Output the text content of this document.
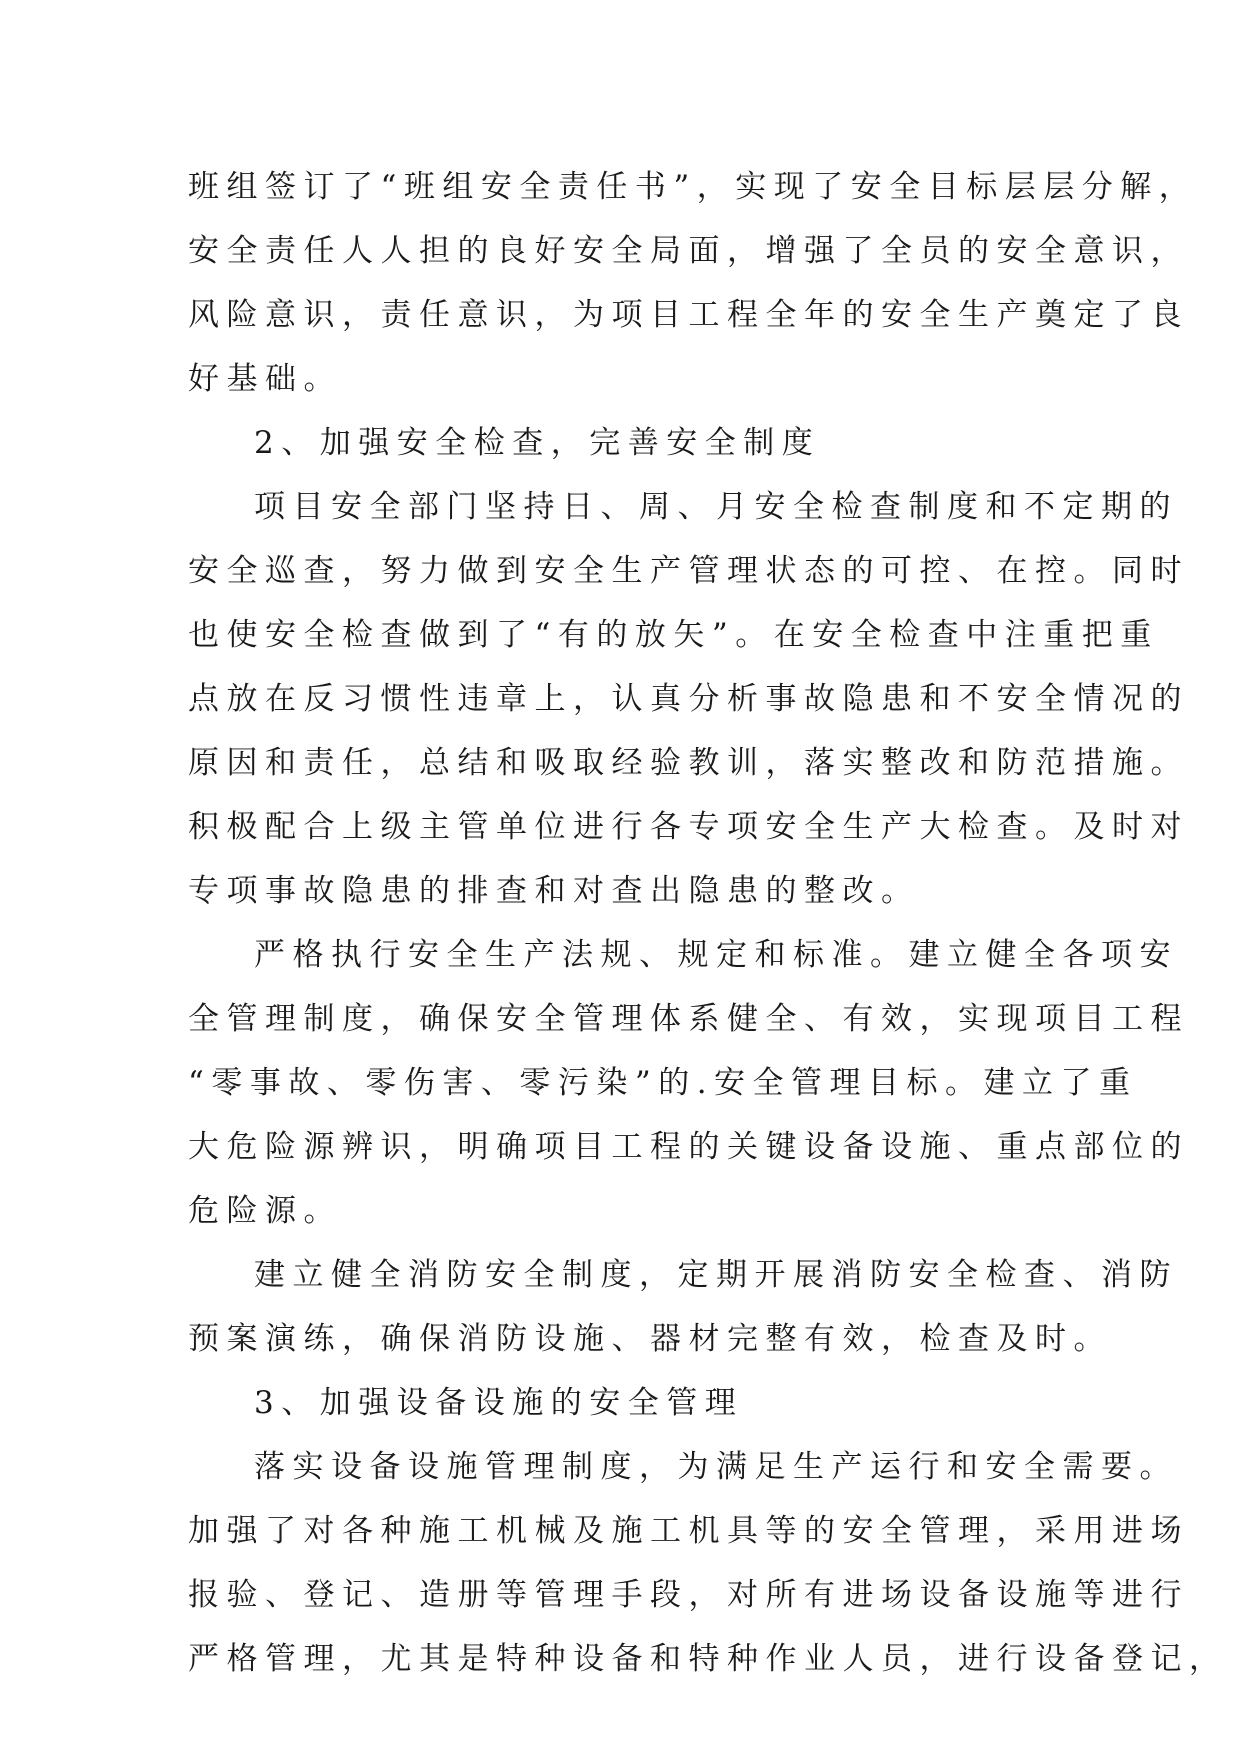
班组签订了“班组安全责任书”，实现了安全目标层层分解，
安全责任人人担的良好安全局面，增强了全员的安全意识，
风险意识，责任意识，为项目工程全年的安全生产奠定了良
好基础。
2、加强安全检查，完善安全制度
项目安全部门坚持日、周、月安全检查制度和不定期的
安全巡查，努力做到安全生产管理状态的可控、在控。同时
也使安全检查做到了“有的放矢”。在安全检查中注重把重
点放在反习惯性违章上，认真分析事故隐患和不安全情况的
原因和责任，总结和吸取经验教训，落实整改和防范措施。
积极配合上级主管单位进行各专项安全生产大检查。及时对
专项事故隐患的排查和对查出隐患的整改。
严格执行安全生产法规、规定和标准。建立健全各项安
全管理制度，确保安全管理体系健全、有效，实现项目工程
“零事故、零伤害、零污染”的.安全管理目标。建立了重
大危险源辨识，明确项目工程的关键设备设施、重点部位的
危险源。
建立健全消防安全制度，定期开展消防安全检查、消防
预案演练，确保消防设施、器材完整有效，检查及时。
3、加强设备设施的安全管理
落实设备设施管理制度，为满足生产运行和安全需要。
加强了对各种施工机械及施工机具等的安全管理，采用进场
报验、登记、造册等管理手段，对所有进场设备设施等进行
严格管理，尤其是特种设备和特种作业人员，进行设备登记，
